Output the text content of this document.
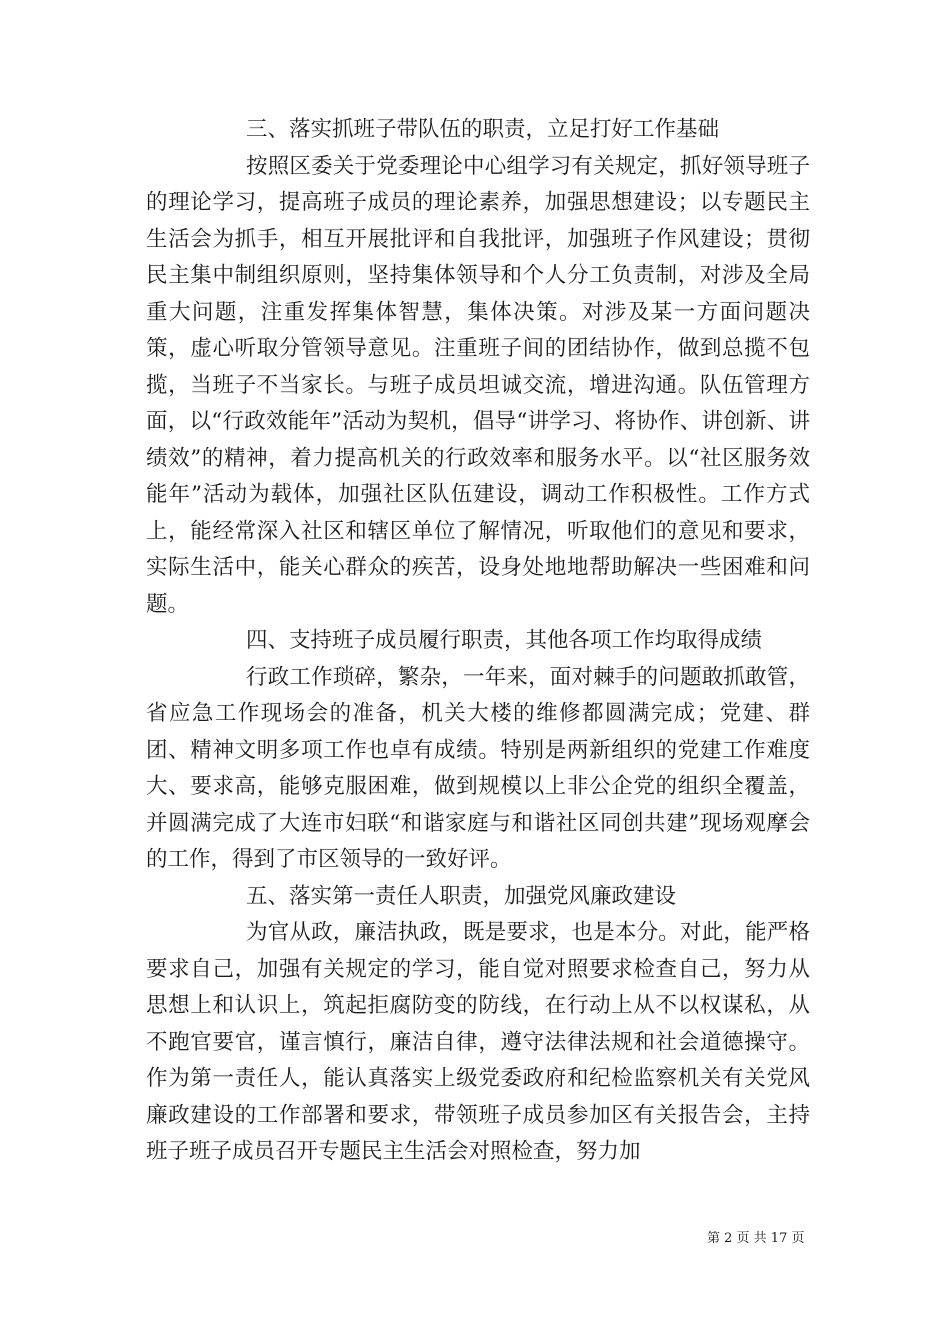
三、落实抓班子带队伍的职责，立足打好工作基础

按照区委关于党委理论中心组学习有关规定，抓好领导班子的理论学习，提高班子成员的理论素养，加强思想建设；以专题民主生活会为抓手，相互开展批评和自我批评，加强班子作风建设；贯彻民主集中制组织原则，坚持集体领导和个人分工负责制，对涉及全局重大问题，注重发挥集体智慧，集体决策。对涉及某一方面问题决策，虚心听取分管领导意见。注重班子间的团结协作，做到总揽不包揽，当班子不当家长。与班子成员坦诚交流，增进沟通。队伍管理方面，以“行政效能年”活动为契机，倡导“讲学习、将协作、讲创新、讲绩效”的精神，着力提高机关的行政效率和服务水平。以“社区服务效能年”活动为载体，加强社区队伍建设，调动工作积极性。工作方式上，能经常深入社区和辖区单位了解情况，听取他们的意见和要求，实际生活中，能关心群众的疾苦，设身处地地帮助解决一些困难和问题。

四、支持班子成员履行职责，其他各项工作均取得成绩

行政工作琐碎，繁杂，一年来，面对棘手的问题敢抓敢管，省应急工作现场会的准备，机关大楼的维修都圆满完成；党建、群团、精神文明多项工作也卓有成绩。特别是两新组织的党建工作难度大、要求高，能够克服困难，做到规模以上非公企党的组织全覆盖，并圆满完成了大连市妇联“和谐家庭与和谐社区同创共建”现场观摩会的工作，得到了市区领导的一致好评。

五、落实第一责任人职责，加强党风廉政建设

为官从政，廉洁执政，既是要求，也是本分。对此，能严格要求自己，加强有关规定的学习，能自觉对照要求检查自己，努力从思想上和认识上，筑起拒腐防变的防线，在行动上从不以权谋私，从不跑官要官，谨言慎行，廉洁自律，遵守法律法规和社会道德操守。作为第一责任人，能认真落实上级党委政府和纪检监察机关有关党风廉政建设的工作部署和要求，带领班子成员参加区有关报告会，主持班子班子成员召开专题民主生活会对照检查，努力加

第 2 页 共 17 页
